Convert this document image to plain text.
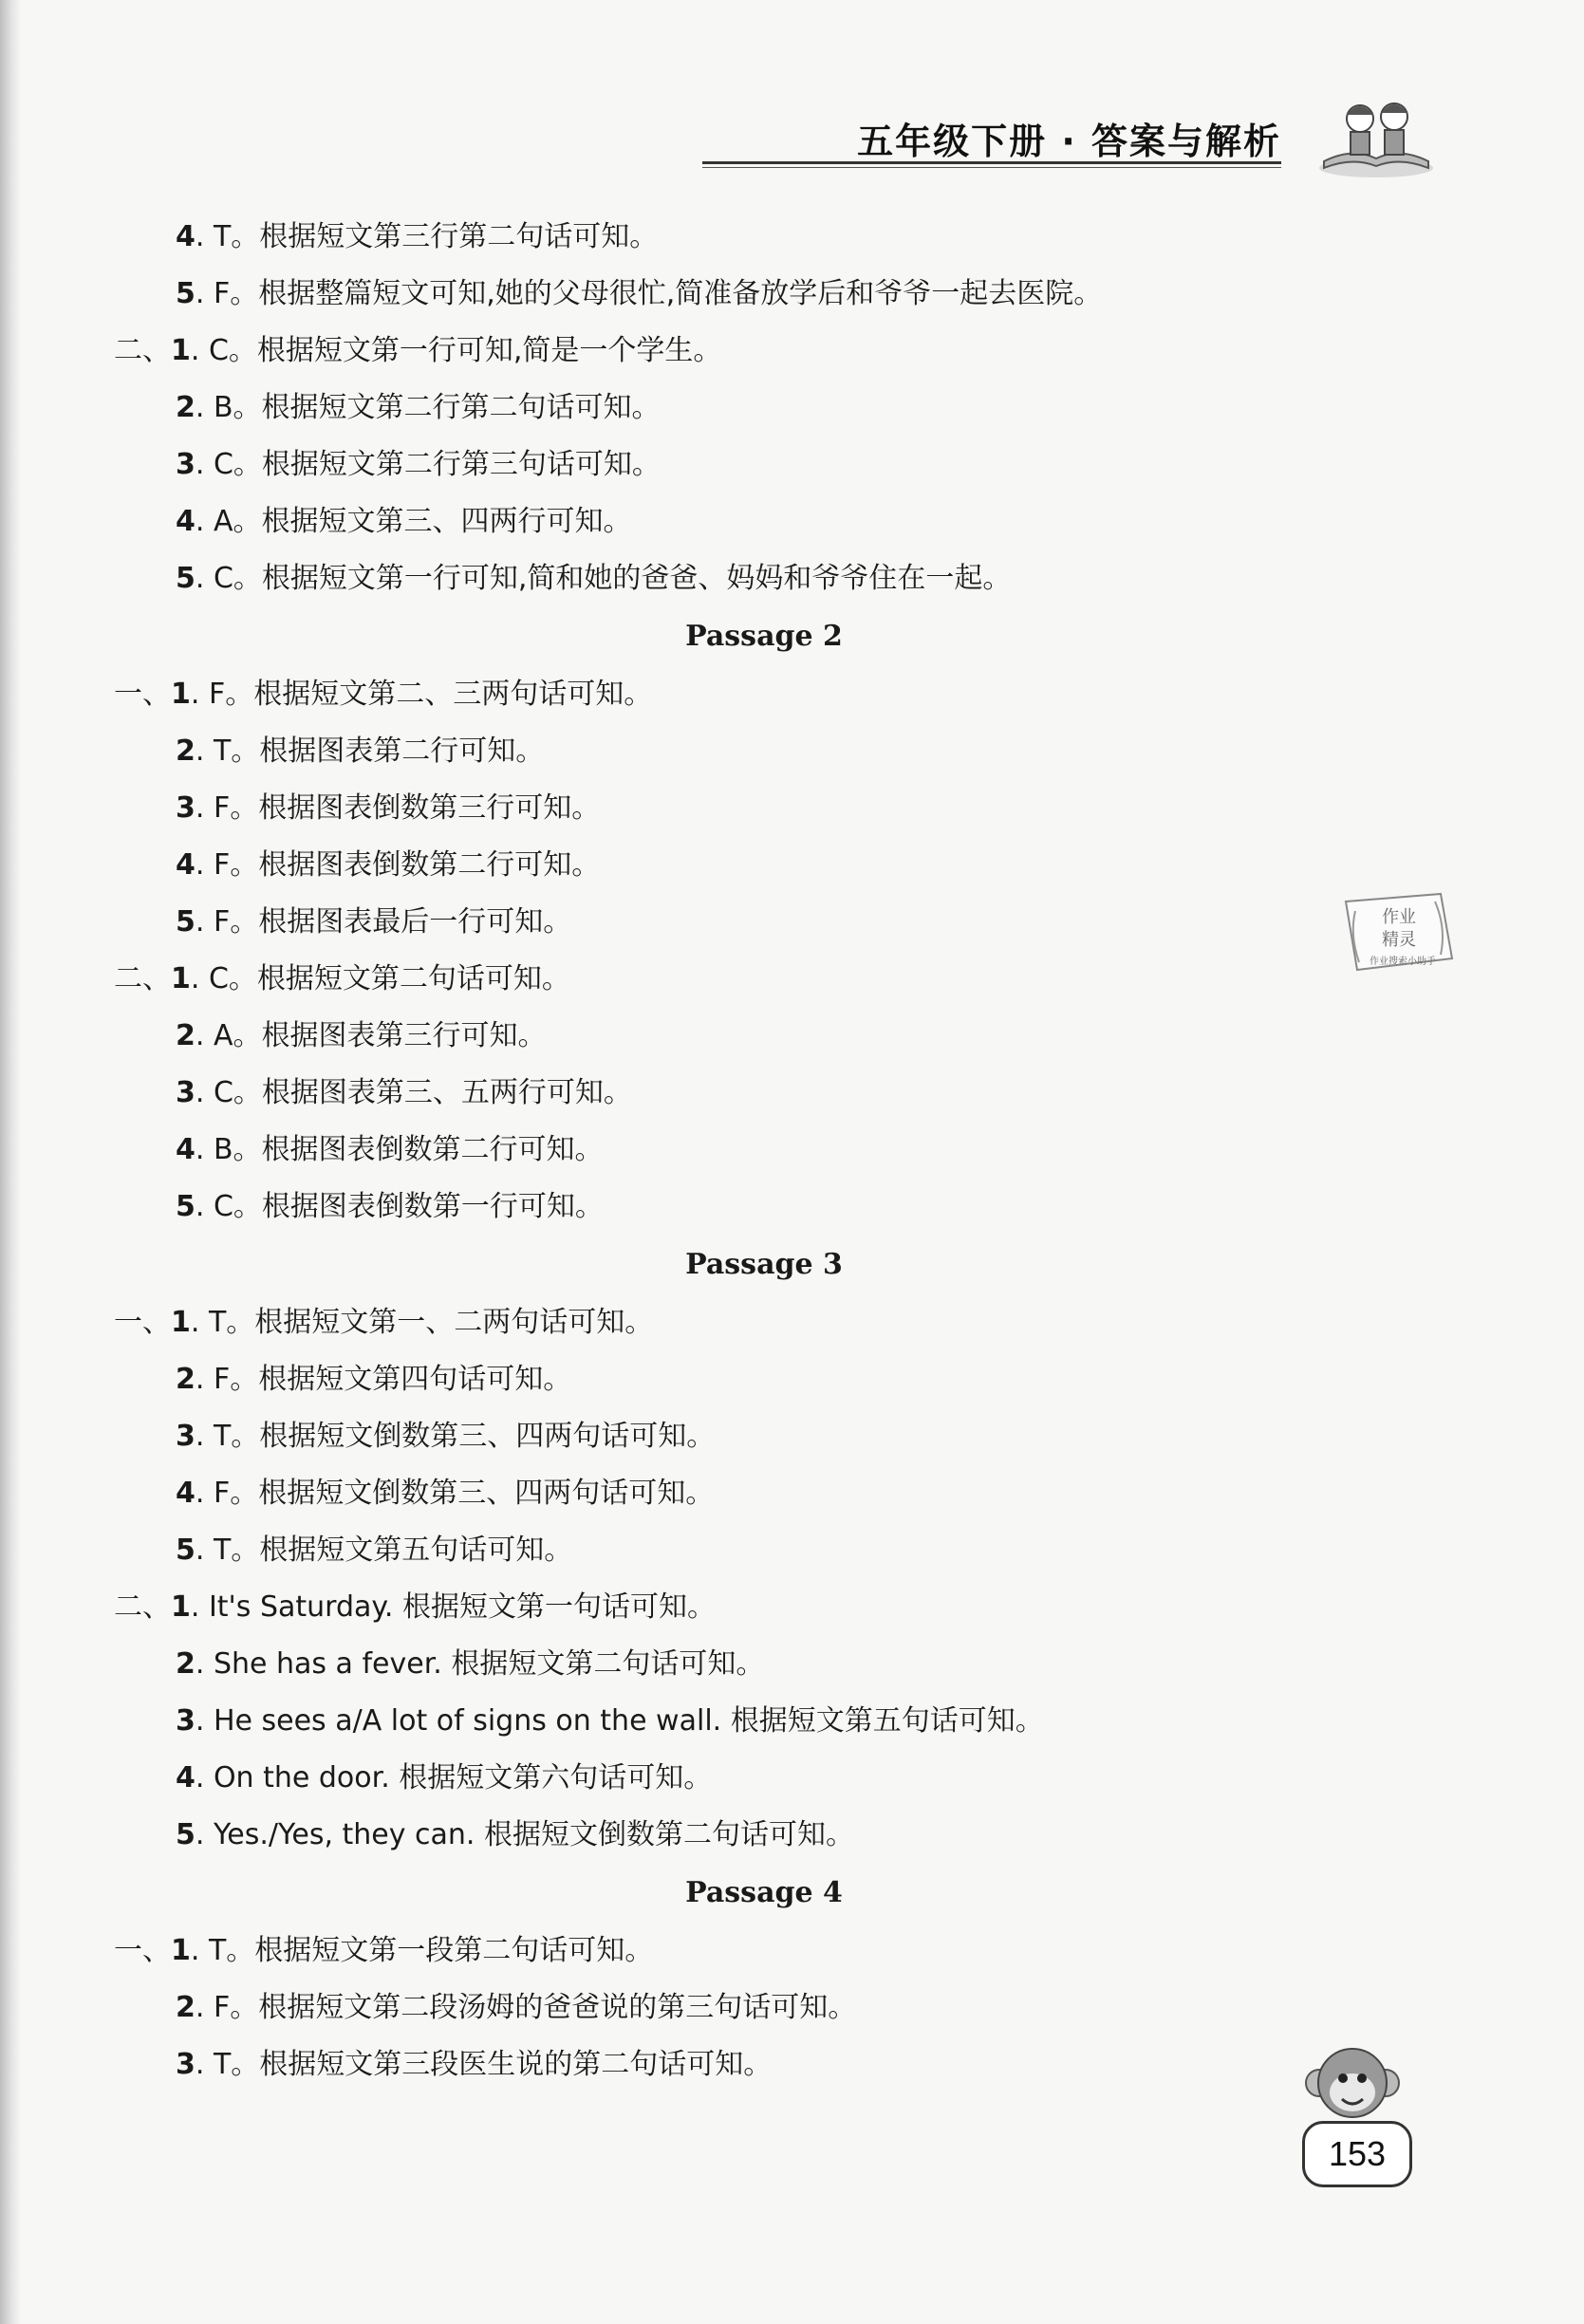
五年级下册 · 答案与解析
4. T。根据短文第三行第二句话可知。
5. F。根据整篇短文可知,她的父母很忙,简准备放学后和爷爷一起去医院。
二、1. C。根据短文第一行可知,简是一个学生。
2. B。根据短文第二行第二句话可知。
3. C。根据短文第二行第三句话可知。
4. A。根据短文第三、四两行可知。
5. C。根据短文第一行可知,简和她的爸爸、妈妈和爷爷住在一起。
Passage 2
一、1. F。根据短文第二、三两句话可知。
2. T。根据图表第二行可知。
3. F。根据图表倒数第三行可知。
4. F。根据图表倒数第二行可知。
5. F。根据图表最后一行可知。
二、1. C。根据短文第二句话可知。
2. A。根据图表第三行可知。
3. C。根据图表第三、五两行可知。
4. B。根据图表倒数第二行可知。
5. C。根据图表倒数第一行可知。
Passage 3
一、1. T。根据短文第一、二两句话可知。
2. F。根据短文第四句话可知。
3. T。根据短文倒数第三、四两句话可知。
4. F。根据短文倒数第三、四两句话可知。
5. T。根据短文第五句话可知。
二、1. It's Saturday. 根据短文第一句话可知。
2. She has a fever. 根据短文第二句话可知。
3. He sees a/A lot of signs on the wall. 根据短文第五句话可知。
4. On the door. 根据短文第六句话可知。
5. Yes./Yes, they can. 根据短文倒数第二句话可知。
Passage 4
一、1. T。根据短文第一段第二句话可知。
2. F。根据短文第二段汤姆的爸爸说的第三句话可知。
3. T。根据短文第三段医生说的第二句话可知。
作业
精灵
作业搜索小助手
153
